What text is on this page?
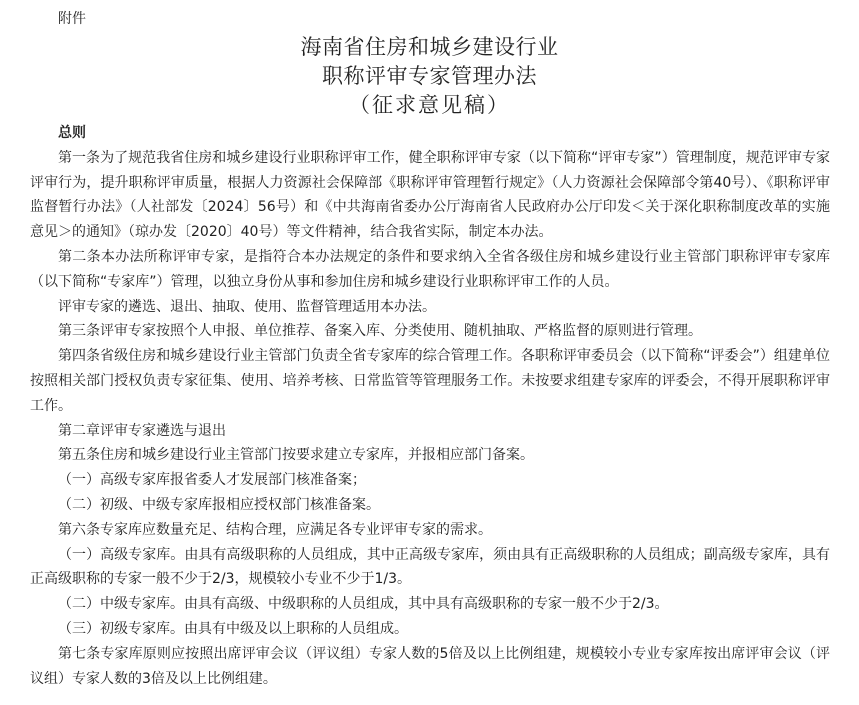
附件
海南省住房和城乡建设行业
职称评审专家管理办法
（征求意见稿）

总则

第一条为了规范我省住房和城乡建设行业职称评审工作，健全职称评审专家（以下简称“评审专家”）管理制度，规范评审专家评审行为，提升职称评审质量，根据人力资源社会保障部《职称评审管理暂行规定》（人力资源社会保障部令第40号）、《职称评审监督暂行办法》（人社部发〔2024〕56号）和《中共海南省委办公厅海南省人民政府办公厅印发＜关于深化职称制度改革的实施意见＞的通知》（琼办发〔2020〕40号）等文件精神，结合我省实际，制定本办法。

第二条本办法所称评审专家，是指符合本办法规定的条件和要求纳入全省各级住房和城乡建设行业主管部门职称评审专家库（以下简称“专家库”）管理，以独立身份从事和参加住房和城乡建设行业职称评审工作的人员。

评审专家的遴选、退出、抽取、使用、监督管理适用本办法。

第三条评审专家按照个人申报、单位推荐、备案入库、分类使用、随机抽取、严格监督的原则进行管理。

第四条省级住房和城乡建设行业主管部门负责全省专家库的综合管理工作。各职称评审委员会（以下简称“评委会”）组建单位按照相关部门授权负责专家征集、使用、培养考核、日常监管等管理服务工作。未按要求组建专家库的评委会，不得开展职称评审工作。

第二章评审专家遴选与退出

第五条住房和城乡建设行业主管部门按要求建立专家库，并报相应部门备案。

（一）高级专家库报省委人才发展部门核准备案；

（二）初级、中级专家库报相应授权部门核准备案。

第六条专家库应数量充足、结构合理，应满足各专业评审专家的需求。

（一）高级专家库。由具有高级职称的人员组成，其中正高级专家库，须由具有正高级职称的人员组成；副高级专家库，具有正高级职称的专家一般不少于2/3，规模较小专业不少于1/3。

（二）中级专家库。由具有高级、中级职称的人员组成，其中具有高级职称的专家一般不少于2/3。

（三）初级专家库。由具有中级及以上职称的人员组成。

第七条专家库原则应按照出席评审会议（评议组）专家人数的5倍及以上比例组建，规模较小专业专家库按出席评审会议（评议组）专家人数的3倍及以上比例组建。
